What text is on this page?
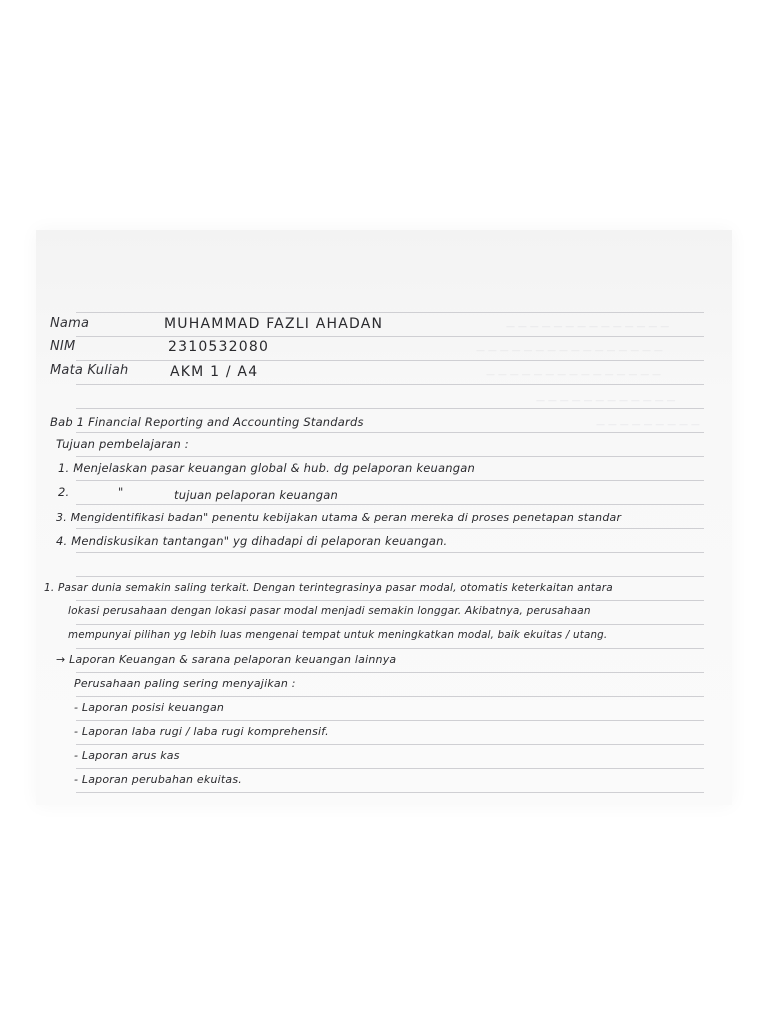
— — — — — — — — — — — — — —
— — — — — — — — — — — — — — — —
— — — — — — — — — — — — — — —
— — — — — — — — — — — —
— — — — — — — — —
Nama	MUHAMMAD FAZLI AHADAN
NIM	2310532080
Mata Kuliah	AKM 1 / A4
Bab 1 Financial Reporting and Accounting Standards
Tujuan pembelajaran :
1. Menjelaskan pasar keuangan global & hub. dg pelaporan keuangan
2.	"	tujuan pelaporan keuangan
3. Mengidentifikasi badan" penentu kebijakan utama & peran mereka di proses penetapan standar
4. Mendiskusikan tantangan" yg dihadapi di pelaporan keuangan.
1. Pasar dunia semakin saling terkait. Dengan terintegrasinya pasar modal, otomatis keterkaitan antara
lokasi perusahaan dengan lokasi pasar modal menjadi semakin longgar. Akibatnya, perusahaan
mempunyai pilihan yg lebih luas mengenai tempat untuk meningkatkan modal, baik ekuitas / utang.
→ Laporan Keuangan & sarana pelaporan keuangan lainnya
Perusahaan paling sering menyajikan :
- Laporan posisi keuangan
- Laporan laba rugi / laba rugi komprehensif.
- Laporan arus kas
- Laporan perubahan ekuitas.
